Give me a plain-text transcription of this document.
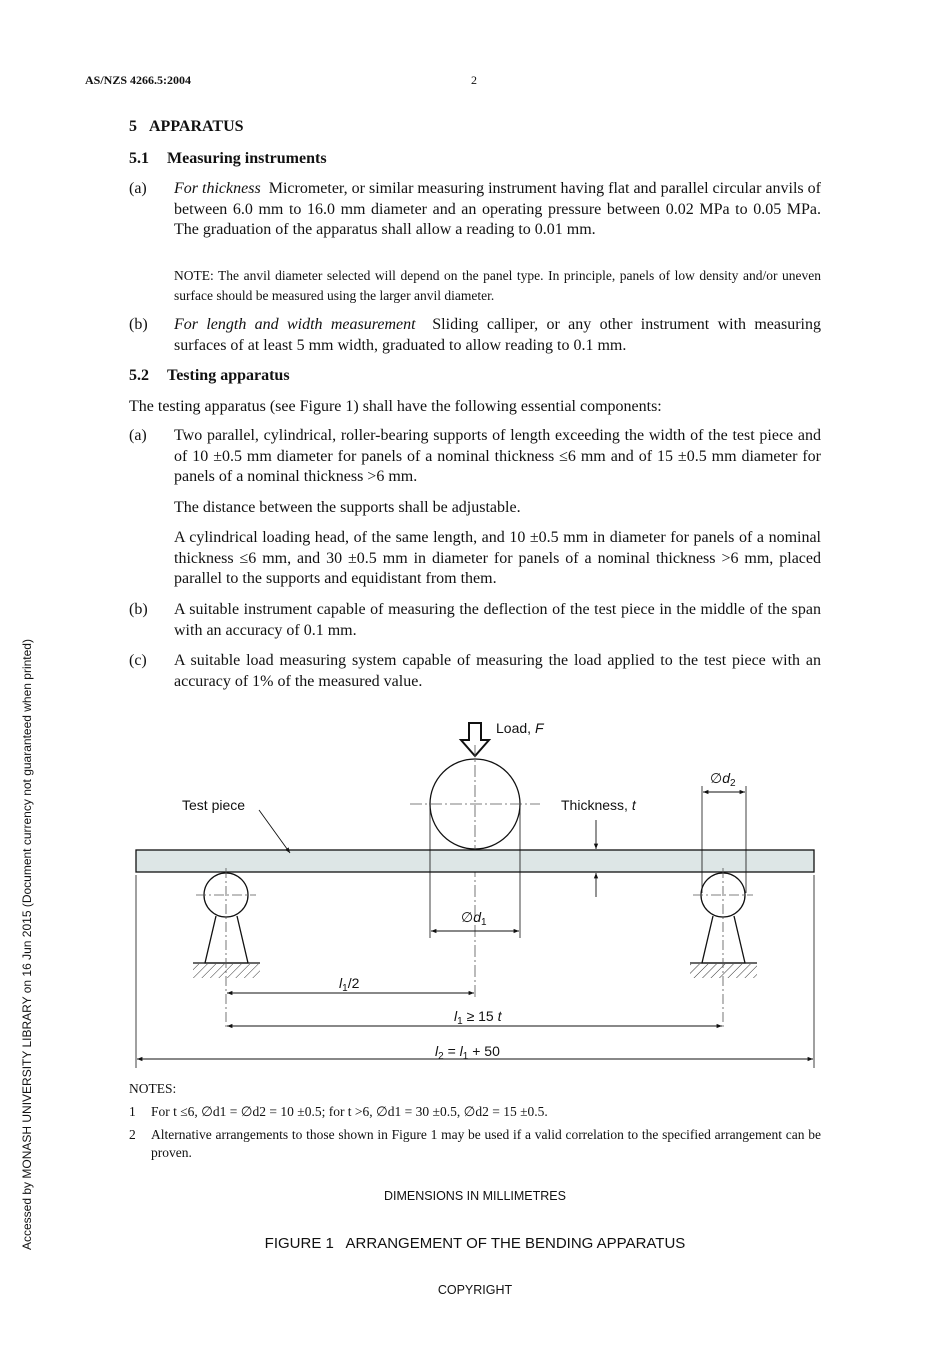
AS/NZS 4266.5:2004	2
5 APPARATUS
5.1 Measuring instruments
(a) For thickness Micrometer, or similar measuring instrument having flat and parallel circular anvils of between 6.0 mm to 16.0 mm diameter and an operating pressure between 0.02 MPa to 0.05 MPa. The graduation of the apparatus shall allow a reading to 0.01 mm.
NOTE: The anvil diameter selected will depend on the panel type. In principle, panels of low density and/or uneven surface should be measured using the larger anvil diameter.
(b) For length and width measurement Sliding calliper, or any other instrument with measuring surfaces of at least 5 mm width, graduated to allow reading to 0.1 mm.
5.2 Testing apparatus
The testing apparatus (see Figure 1) shall have the following essential components:
(a) Two parallel, cylindrical, roller-bearing supports of length exceeding the width of the test piece and of 10 ±0.5 mm diameter for panels of a nominal thickness ≤6 mm and of 15 ±0.5 mm diameter for panels of a nominal thickness >6 mm.

The distance between the supports shall be adjustable.

A cylindrical loading head, of the same length, and 10 ±0.5 mm in diameter for panels of a nominal thickness ≤6 mm, and 30 ±0.5 mm in diameter for panels of a nominal thickness >6 mm, placed parallel to the supports and equidistant from them.

(b) A suitable instrument capable of measuring the deflection of the test piece in the middle of the span with an accuracy of 0.1 mm.
(c) A suitable load measuring system capable of measuring the load applied to the test piece with an accuracy of 1% of the measured value.
Load, F
Test piece	Thickness, t
$\emptyset d_1$
$\emptyset d_2$
$l_1/2$
$l_1 \ge 15$ t
$l_2 = l_1 + 50$
NOTES:
1 For t ≤6, ∅d1 = ∅d2 = 10 ±0.5; for t >6, ∅d1 = 30 ±0.5, ∅d2 = 15 ±0.5.
2 Alternative arrangements to those shown in Figure 1 may be used if a valid correlation to the specified arrangement can be proven.
DIMENSIONS IN MILLIMETRES
FIGURE 1   ARRANGEMENT OF THE BENDING APPARATUS
COPYRIGHT
Accessed by MONASH UNIVERSITY LIBRARY on 16 Jun 2015 (Document currency not guaranteed when printed)
